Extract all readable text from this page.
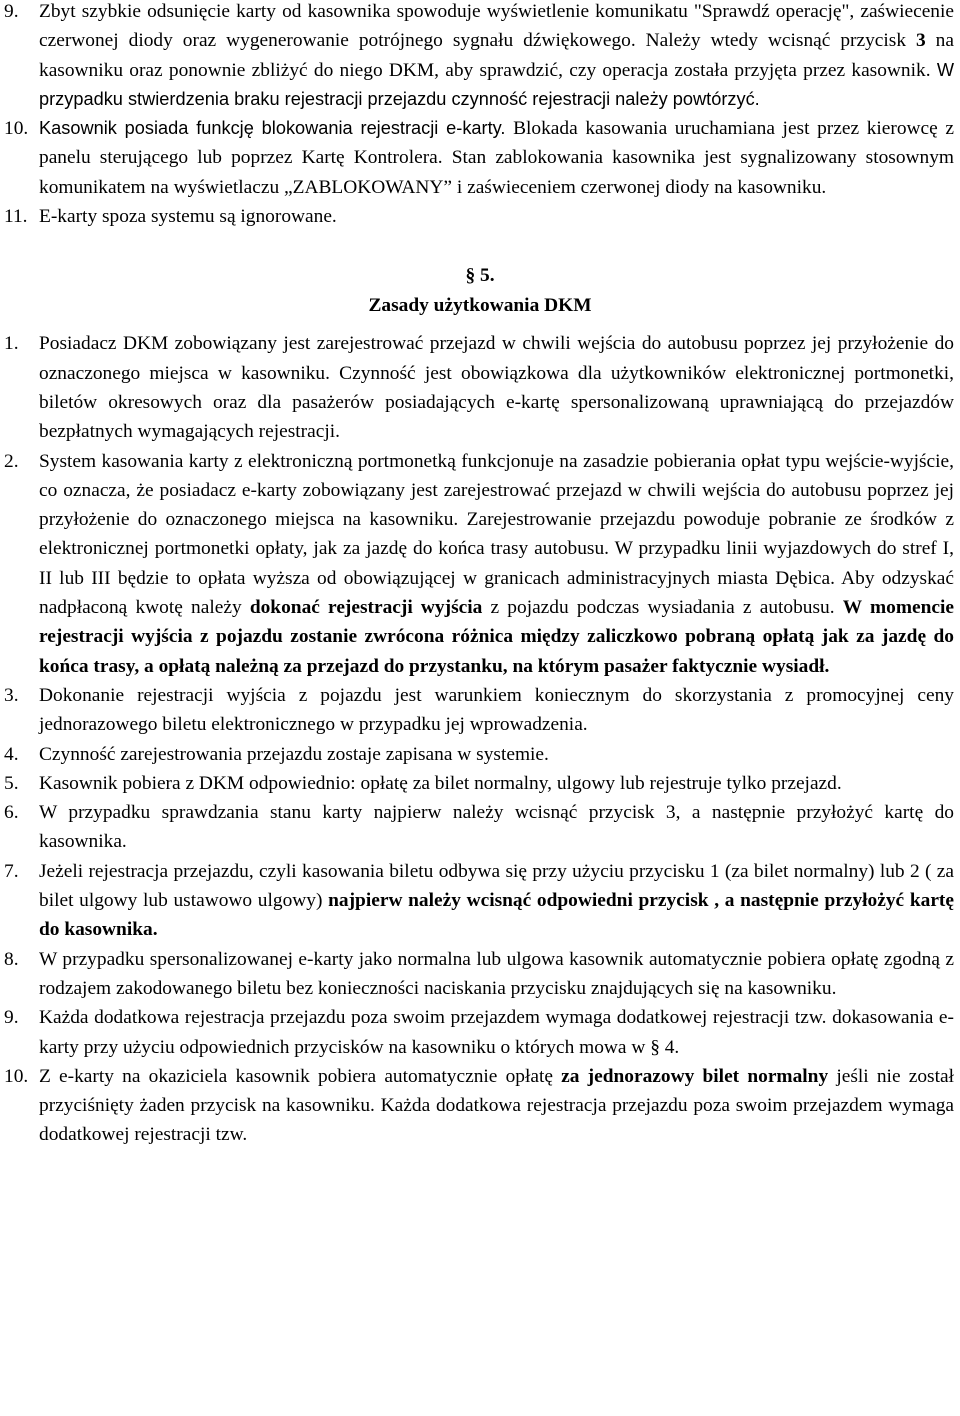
9. Zbyt szybkie odsunięcie karty od kasownika spowoduje wyświetlenie komunikatu "Sprawdź operację", zaświecenie czerwonej diody oraz wygenerowanie potrójnego sygnału dźwiękowego. Należy wtedy wcisnąć przycisk 3 na kasowniku oraz ponownie zbliżyć do niego DKM, aby sprawdzić, czy operacja została przyjęta przez kasownik. W przypadku stwierdzenia braku rejestracji przejazdu czynność rejestracji należy powtórzyć.
10. Kasownik posiada funkcję blokowania rejestracji e-karty. Blokada kasowania uruchamiana jest przez kierowcę z panelu sterującego lub poprzez Kartę Kontrolera. Stan zablokowania kasownika jest sygnalizowany stosownym komunikatem na wyświetlaczu „ZABLOKOWANY” i zaświeceniem czerwonej diody na kasowniku.
11. E-karty spoza systemu są ignorowane.
§ 5.
Zasady użytkowania DKM
1. Posiadacz DKM zobowiązany jest zarejestrować przejazd w chwili wejścia do autobusu poprzez jej przyłożenie do oznaczonego miejsca w kasowniku. Czynność jest obowiązkowa dla użytkowników elektronicznej portmonetki, biletów okresowych oraz dla pasażerów posiadających e-kartę spersonalizowaną uprawniającą do przejazdów bezpłatnych wymagających rejestracji.
2. System kasowania karty z elektroniczną portmonetką funkcjonuje na zasadzie pobierania opłat typu wejście-wyjście, co oznacza, że posiadacz e-karty zobowiązany jest zarejestrować przejazd w chwili wejścia do autobusu poprzez jej przyłożenie do oznaczonego miejsca na kasowniku. Zarejestrowanie przejazdu powoduje pobranie ze środków z elektronicznej portmonetki opłaty, jak za jazdę do końca trasy autobusu. W przypadku linii wyjazdowych do stref I, II lub III będzie to opłata wyższa od obowiązującej w granicach administracyjnych miasta Dębica. Aby odzyskać nadpłaconą kwotę należy dokonać rejestracji wyjścia z pojazdu podczas wysiadania z autobusu. W momencie rejestracji wyjścia z pojazdu zostanie zwrócona różnica między zaliczkowo pobraną opłatą jak za jazdę do końca trasy, a opłatą należną za przejazd do przystanku, na którym pasażer faktycznie wysiadł.
3. Dokonanie rejestracji wyjścia z pojazdu jest warunkiem koniecznym do skorzystania z promocyjnej ceny jednorazowego biletu elektronicznego w przypadku jej wprowadzenia.
4. Czynność zarejestrowania przejazdu zostaje zapisana w systemie.
5. Kasownik pobiera z DKM odpowiednio: opłatę za bilet normalny, ulgowy lub rejestruje tylko przejazd.
6. W przypadku sprawdzania stanu karty najpierw należy wcisnąć przycisk 3, a następnie przyłożyć kartę do kasownika.
7. Jeżeli rejestracja przejazdu, czyli kasowania biletu odbywa się przy użyciu przycisku 1 (za bilet normalny) lub 2 ( za bilet ulgowy lub ustawowo ulgowy) najpierw należy wcisnąć odpowiedni przycisk , a następnie przyłożyć kartę do kasownika.
8. W przypadku spersonalizowanej e-karty jako normalna lub ulgowa kasownik automatycznie pobiera opłatę zgodną z rodzajem zakodowanego biletu bez konieczności naciskania przycisku znajdujących się na kasowniku.
9. Każda dodatkowa rejestracja przejazdu poza swoim przejazdem wymaga dodatkowej rejestracji tzw. dokasowania e-karty przy użyciu odpowiednich przycisków na kasowniku o których mowa w § 4.
10. Z e-karty na okaziciela kasownik pobiera automatycznie opłatę za jednorazowy bilet normalny jeśli nie został przyciśnięty żaden przycisk na kasowniku. Każda dodatkowa rejestracja przejazdu poza swoim przejazdem wymaga dodatkowej rejestracji tzw.
